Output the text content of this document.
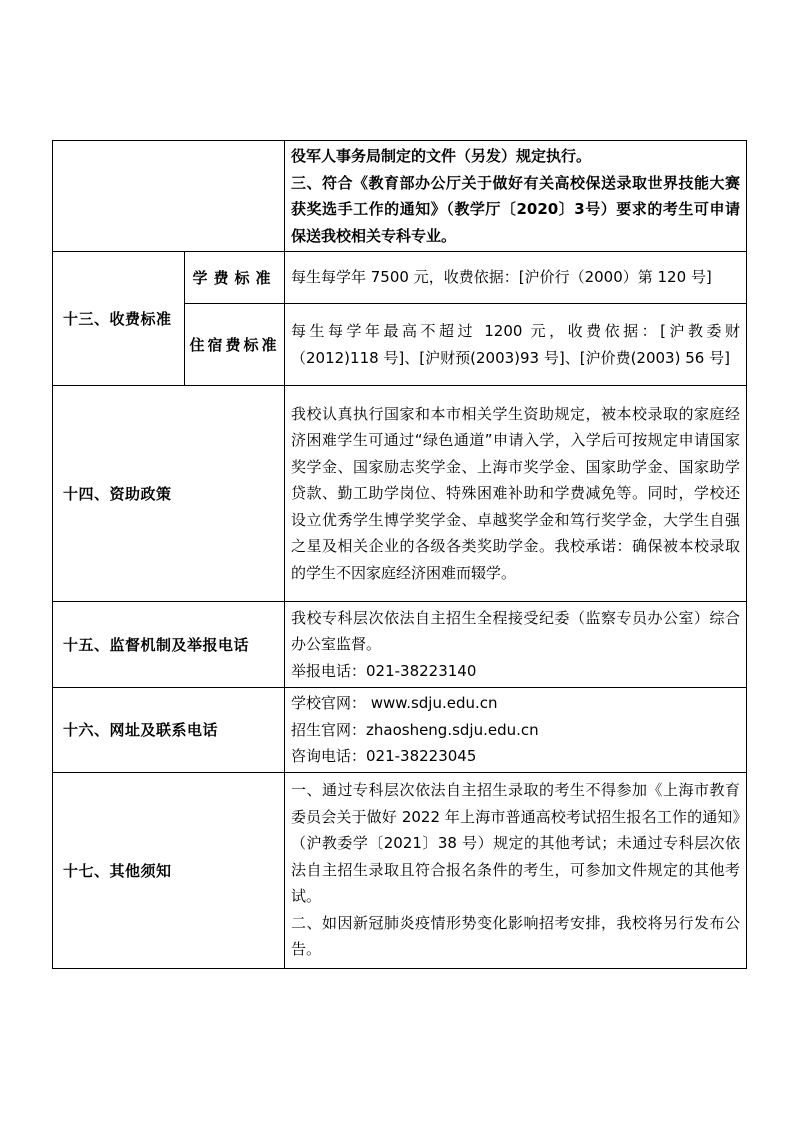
		役军人事务局制定的文件（另发）规定执行。

三、符合《教育部办公厅关于做好有关高校保送录取世界技能大赛获奖选手工作的通知》（教学厅〔2020〕3号）要求的考生可申请保送我校相关专科专业。

十三、收费标准	学费标准	每生每学年 7500 元，收费依据：[沪价行（2000）第 120 号]
	住宿费标准	每生每学年最高不超过 1200 元，收费依据：[沪教委财（2012)118 号]、[沪财预(2003)93 号]、[沪价费(2003) 56 号]
十四、资助政策		我校认真执行国家和本市相关学生资助规定，被本校录取的家庭经济困难学生可通过“绿色通道”申请入学，入学后可按规定申请国家奖学金、国家励志奖学金、上海市奖学金、国家助学金、国家助学贷款、勤工助学岗位、特殊困难补助和学费减免等。同时，学校还设立优秀学生博学奖学金、卓越奖学金和笃行奖学金，大学生自强之星及相关企业的各级各类奖助学金。我校承诺：确保被本校录取的学生不因家庭经济困难而辍学。
十五、监督机制及举报电话		我校专科层次依法自主招生全程接受纪委（监察专员办公室）综合办公室监督。

举报电话：021-38223140

十六、网址及联系电话		学校官网： www.sdju.edu.cn

招生官网：zhaosheng.sdju.edu.cn

咨询电话：021-38223045

十七、其他须知		一、通过专科层次依法自主招生录取的考生不得参加《上海市教育委员会关于做好 2022 年上海市普通高校考试招生报名工作的通知》（沪教委学〔2021〕38 号）规定的其他考试；未通过专科层次依法自主招生录取且符合报名条件的考生，可参加文件规定的其他考试。

二、如因新冠肺炎疫情形势变化影响招考安排，我校将另行发布公告。
